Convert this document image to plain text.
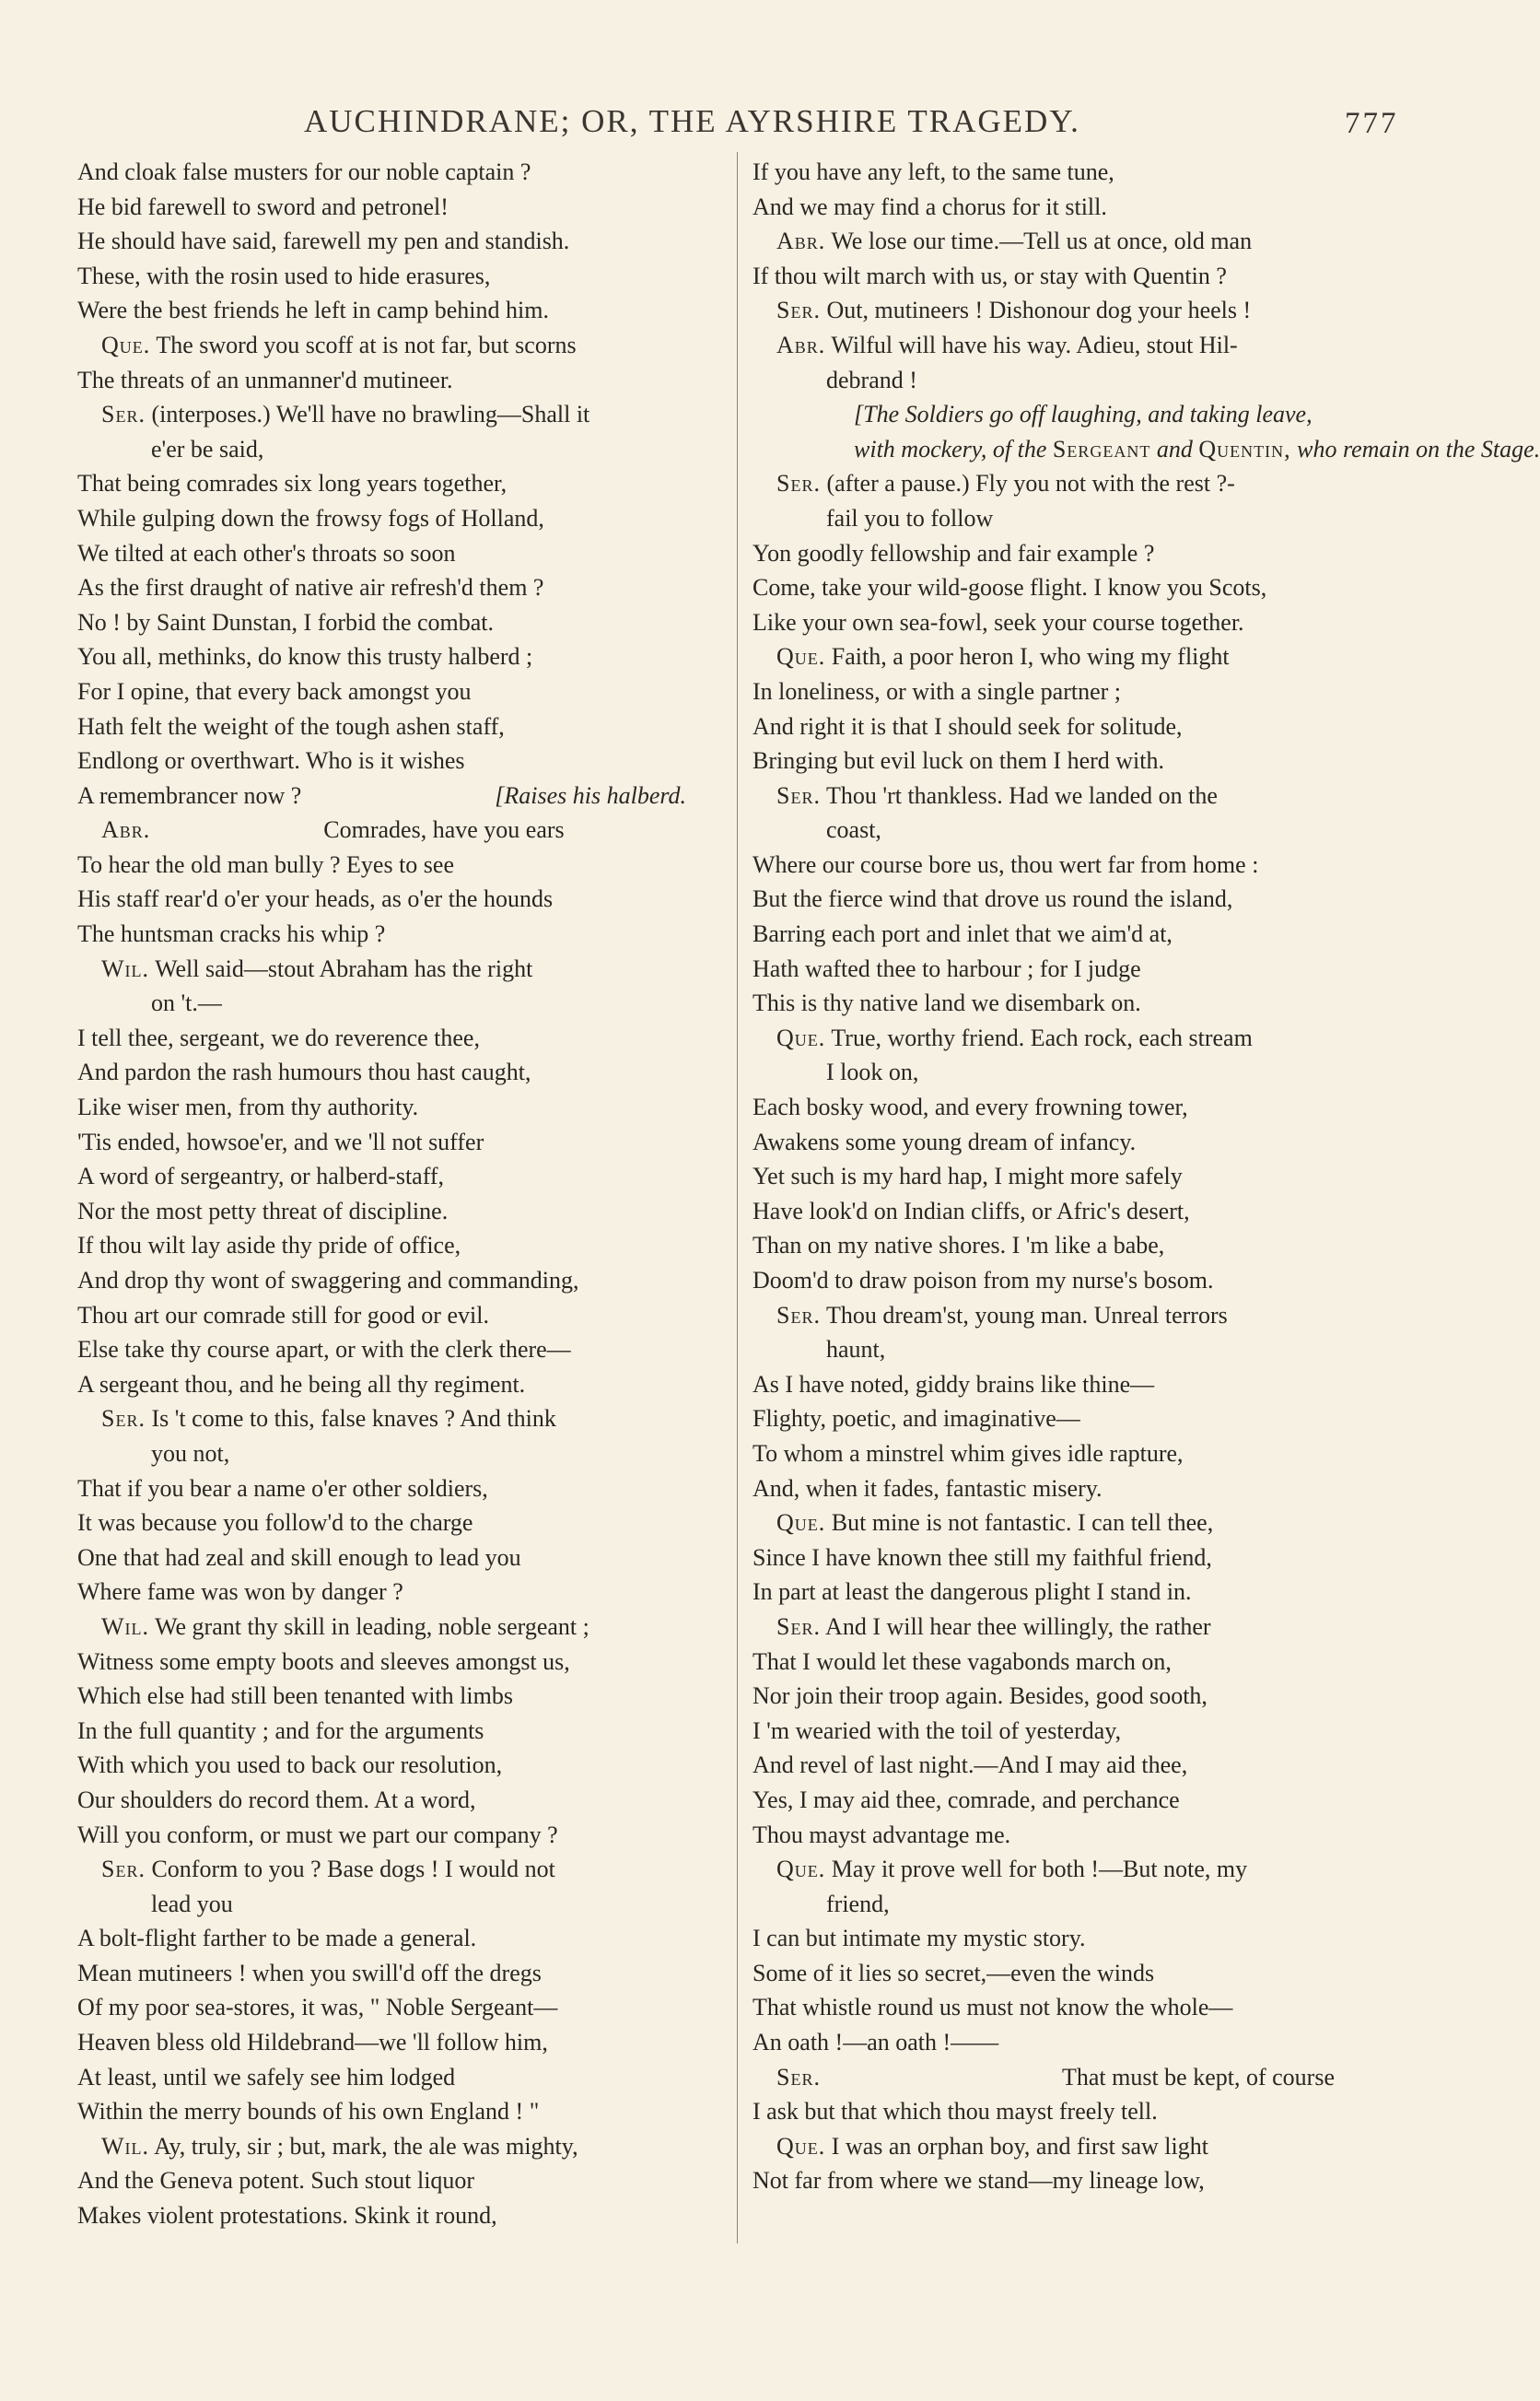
AUCHINDRANE; OR, THE AYRSHIRE TRAGEDY.	777
And cloak false musters for our noble captain ?
He bid farewell to sword and petronel!
He should have said, farewell my pen and standish.
These, with the rosin used to hide erasures,
Were the best friends he left in camp behind him.
Que. The sword you scoff at is not far, but scorns
The threats of an unmanner'd mutineer.
Ser. (interposes.) We'll have no brawling—Shall it
e'er be said,
That being comrades six long years together,
While gulping down the frowsy fogs of Holland,
We tilted at each other's throats so soon
As the first draught of native air refresh'd them ?
No ! by Saint Dunstan, I forbid the combat.
You all, methinks, do know this trusty halberd ;
For I opine, that every back amongst you
Hath felt the weight of the tough ashen staff,
Endlong or overthwart. Who is it wishes
A remembrancer now ?	[Raises his halberd.
Abr.	Comrades, have you ears
To hear the old man bully ? Eyes to see
His staff rear'd o'er your heads, as o'er the hounds
The huntsman cracks his whip ?
Wil. Well said—stout Abraham has the right
on 't.—
I tell thee, sergeant, we do reverence thee,
And pardon the rash humours thou hast caught,
Like wiser men, from thy authority.
'Tis ended, howsoe'er, and we 'll not suffer
A word of sergeantry, or halberd-staff,
Nor the most petty threat of discipline.
If thou wilt lay aside thy pride of office,
And drop thy wont of swaggering and commanding,
Thou art our comrade still for good or evil.
Else take thy course apart, or with the clerk there—
A sergeant thou, and he being all thy regiment.
Ser. Is 't come to this, false knaves ? And think
you not,
That if you bear a name o'er other soldiers,
It was because you follow'd to the charge
One that had zeal and skill enough to lead you
Where fame was won by danger ?
Wil. We grant thy skill in leading, noble sergeant ;
Witness some empty boots and sleeves amongst us,
Which else had still been tenanted with limbs
In the full quantity ; and for the arguments
With which you used to back our resolution,
Our shoulders do record them. At a word,
Will you conform, or must we part our company ?
Ser. Conform to you ? Base dogs ! I would not
lead you
A bolt-flight farther to be made a general.
Mean mutineers ! when you swill'd off the dregs
Of my poor sea-stores, it was, " Noble Sergeant—
Heaven bless old Hildebrand—we 'll follow him,
At least, until we safely see him lodged
Within the merry bounds of his own England ! "
Wil. Ay, truly, sir ; but, mark, the ale was mighty,
And the Geneva potent. Such stout liquor
Makes violent protestations. Skink it round,
If you have any left, to the same tune,
And we may find a chorus for it still.
Abr. We lose our time.—Tell us at once, old man
If thou wilt march with us, or stay with Quentin ?
Ser. Out, mutineers ! Dishonour dog your heels !
Abr. Wilful will have his way. Adieu, stout Hil-
debrand !
[The Soldiers go off laughing, and taking leave,
with mockery, of the Sergeant and Quentin, who remain on the Stage.
Ser. (after a pause.) Fly you not with the rest ?-
fail you to follow
Yon goodly fellowship and fair example ?
Come, take your wild-goose flight. I know you Scots,
Like your own sea-fowl, seek your course together.
Que. Faith, a poor heron I, who wing my flight
In loneliness, or with a single partner ;
And right it is that I should seek for solitude,
Bringing but evil luck on them I herd with.
Ser. Thou 'rt thankless. Had we landed on the
coast,
Where our course bore us, thou wert far from home :
But the fierce wind that drove us round the island,
Barring each port and inlet that we aim'd at,
Hath wafted thee to harbour ; for I judge
This is thy native land we disembark on.
Que. True, worthy friend. Each rock, each stream
I look on,
Each bosky wood, and every frowning tower,
Awakens some young dream of infancy.
Yet such is my hard hap, I might more safely
Have look'd on Indian cliffs, or Afric's desert,
Than on my native shores. I 'm like a babe,
Doom'd to draw poison from my nurse's bosom.
Ser. Thou dream'st, young man. Unreal terrors
haunt,
As I have noted, giddy brains like thine—
Flighty, poetic, and imaginative—
To whom a minstrel whim gives idle rapture,
And, when it fades, fantastic misery.
Que. But mine is not fantastic. I can tell thee,
Since I have known thee still my faithful friend,
In part at least the dangerous plight I stand in.
Ser. And I will hear thee willingly, the rather
That I would let these vagabonds march on,
Nor join their troop again. Besides, good sooth,
I 'm wearied with the toil of yesterday,
And revel of last night.—And I may aid thee,
Yes, I may aid thee, comrade, and perchance
Thou mayst advantage me.
Que. May it prove well for both !—But note, my
friend,
I can but intimate my mystic story.
Some of it lies so secret,—even the winds
That whistle round us must not know the whole—
An oath !—an oath !——
Ser.	That must be kept, of course
I ask but that which thou mayst freely tell.
Que. I was an orphan boy, and first saw light
Not far from where we stand—my lineage low,
